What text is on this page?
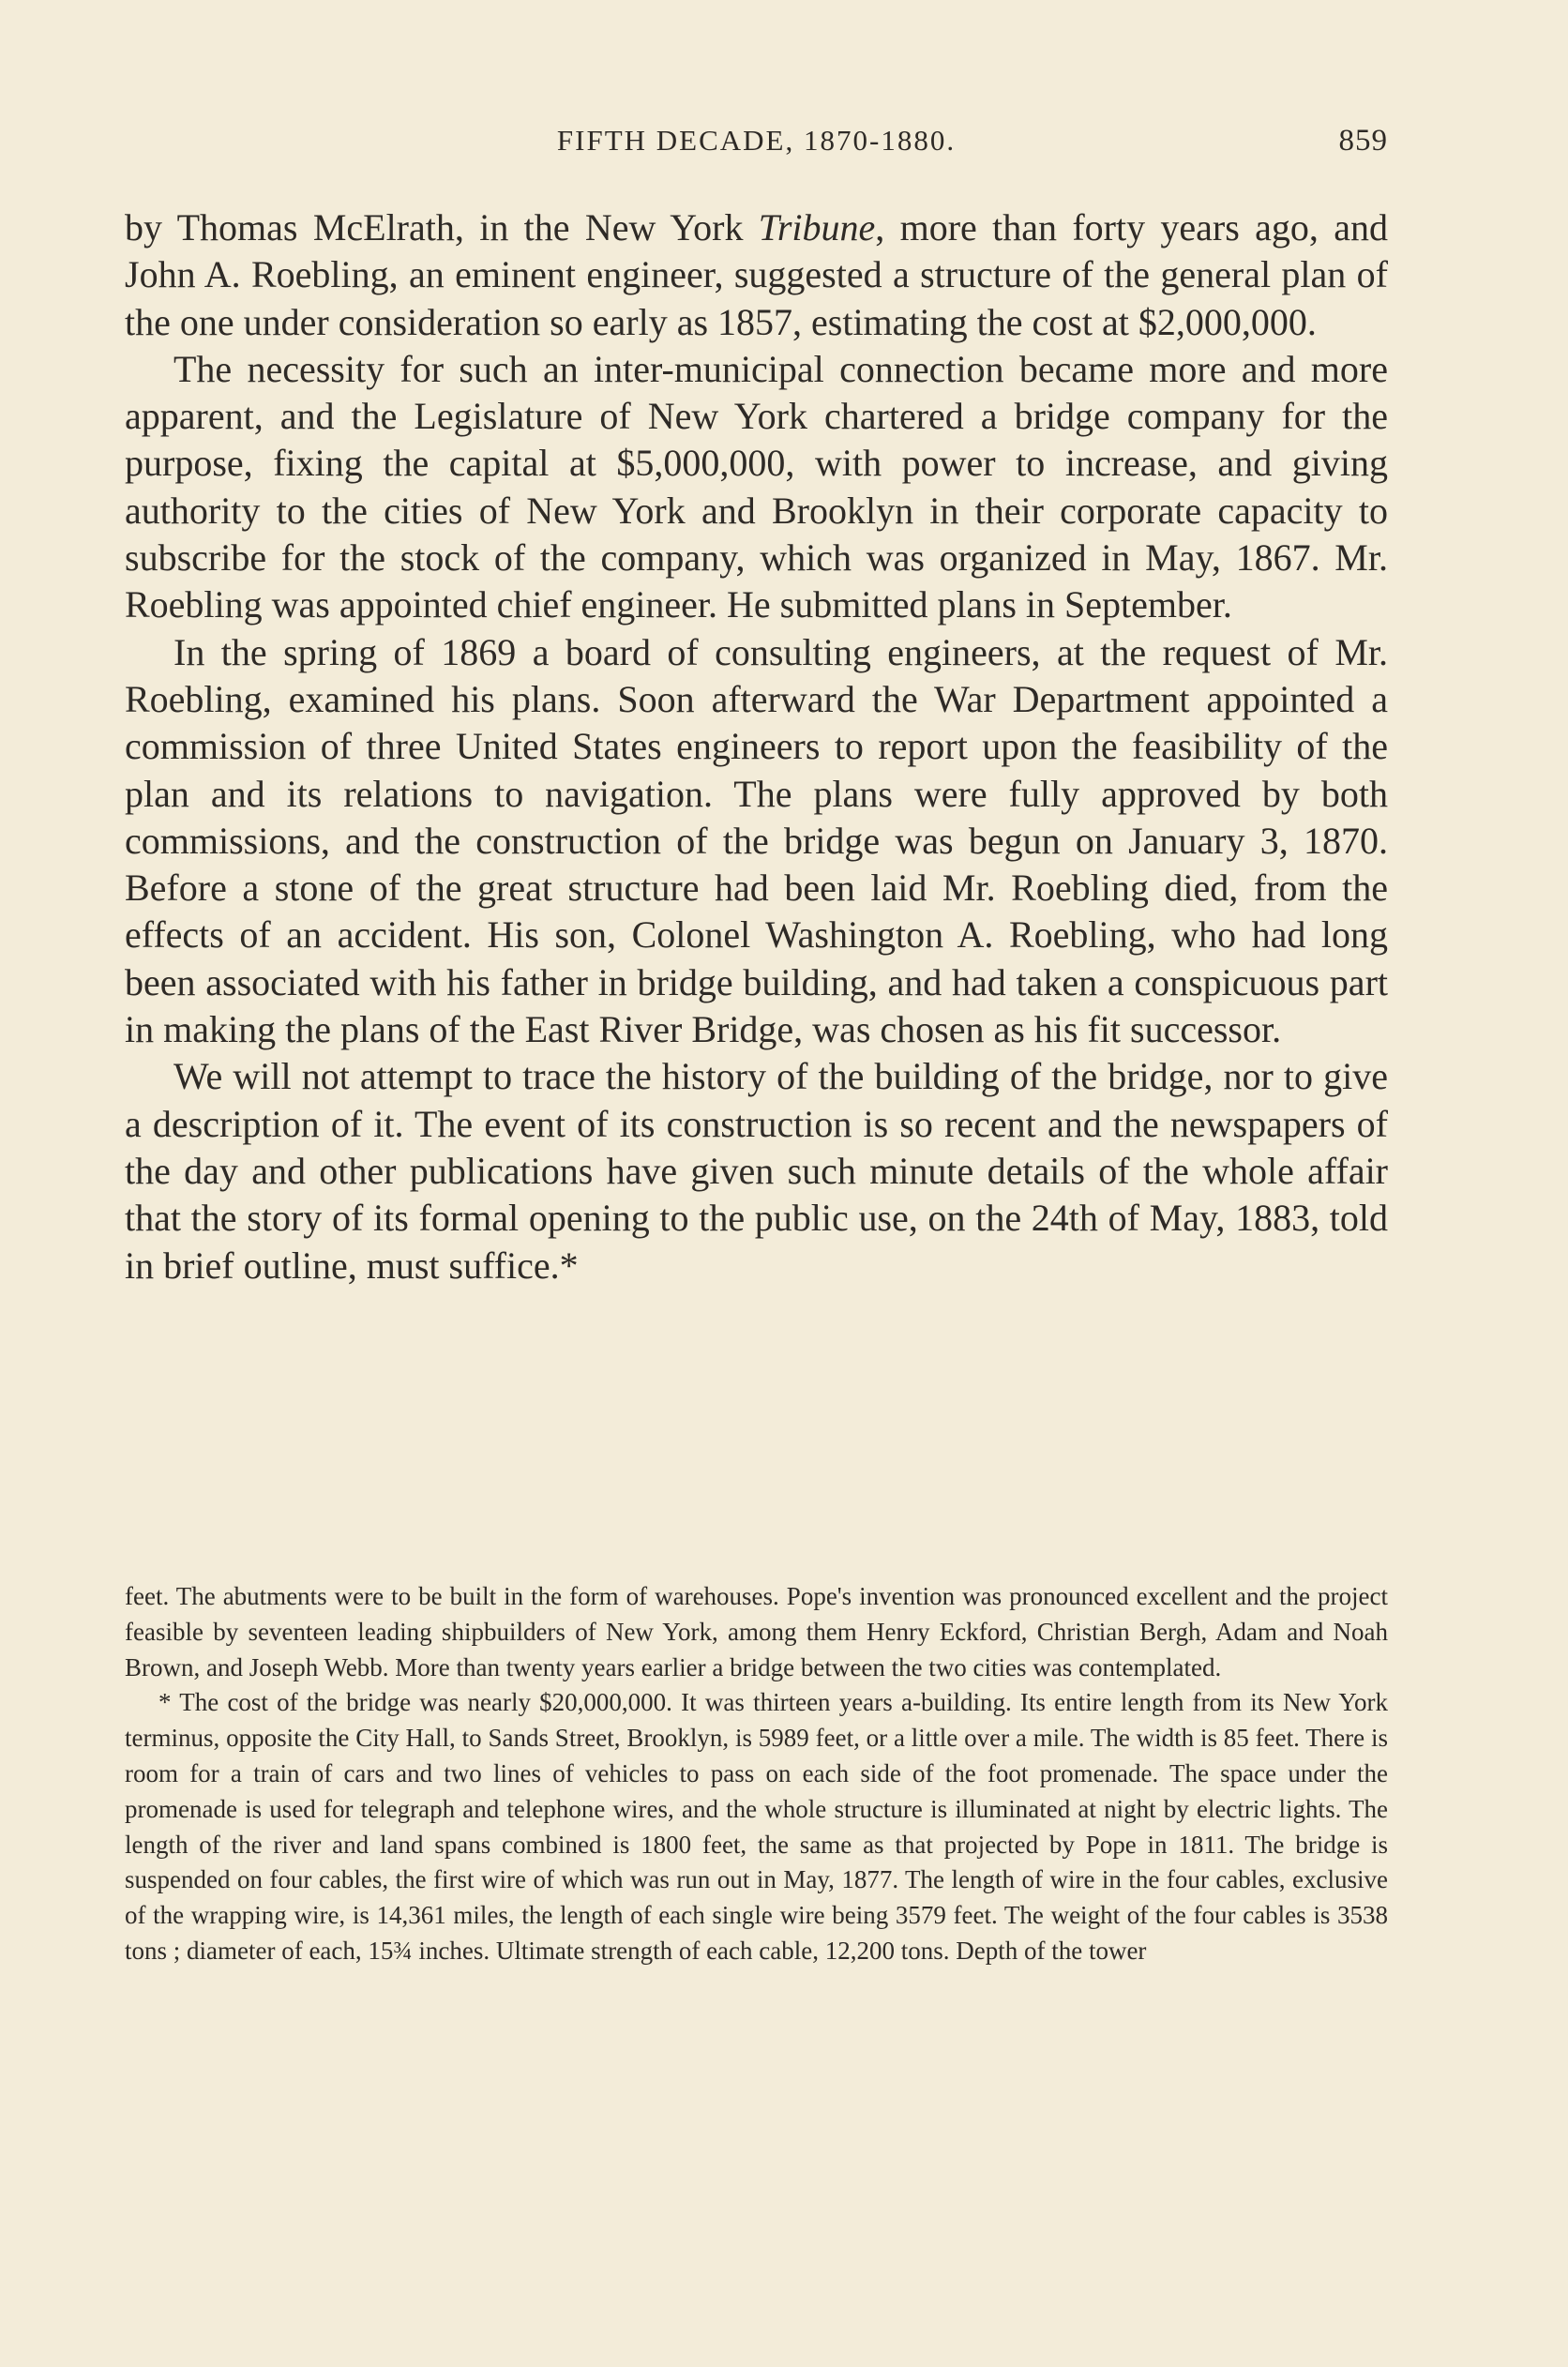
FIFTH DECADE, 1870-1880.	859

by Thomas McElrath, in the New York Tribune, more than forty years ago, and John A. Roebling, an eminent engineer, suggested a structure of the general plan of the one under consideration so early as 1857, estimating the cost at $2,000,000.

The necessity for such an inter-municipal connection became more and more apparent, and the Legislature of New York chartered a bridge company for the purpose, fixing the capital at $5,000,000, with power to increase, and giving authority to the cities of New York and Brooklyn in their corporate capacity to subscribe for the stock of the company, which was organized in May, 1867. Mr. Roebling was appointed chief engineer. He submitted plans in September.

In the spring of 1869 a board of consulting engineers, at the request of Mr. Roebling, examined his plans. Soon afterward the War Department appointed a commission of three United States engineers to report upon the feasibility of the plan and its relations to navigation. The plans were fully approved by both commissions, and the construction of the bridge was begun on January 3, 1870. Before a stone of the great structure had been laid Mr. Roebling died, from the effects of an accident. His son, Colonel Washington A. Roebling, who had long been associated with his father in bridge building, and had taken a conspicuous part in making the plans of the East River Bridge, was chosen as his fit successor.

We will not attempt to trace the history of the building of the bridge, nor to give a description of it. The event of its construction is so recent and the newspapers of the day and other publications have given such minute details of the whole affair that the story of its formal opening to the public use, on the 24th of May, 1883, told in brief outline, must suffice.*

feet. The abutments were to be built in the form of warehouses. Pope's invention was pronounced excellent and the project feasible by seventeen leading shipbuilders of New York, among them Henry Eckford, Christian Bergh, Adam and Noah Brown, and Joseph Webb. More than twenty years earlier a bridge between the two cities was contemplated.

* The cost of the bridge was nearly $20,000,000. It was thirteen years a-building. Its entire length from its New York terminus, opposite the City Hall, to Sands Street, Brooklyn, is 5989 feet, or a little over a mile. The width is 85 feet. There is room for a train of cars and two lines of vehicles to pass on each side of the foot promenade. The space under the promenade is used for telegraph and telephone wires, and the whole structure is illuminated at night by electric lights. The length of the river and land spans combined is 1800 feet, the same as that projected by Pope in 1811. The bridge is suspended on four cables, the first wire of which was run out in May, 1877. The length of wire in the four cables, exclusive of the wrapping wire, is 14,361 miles, the length of each single wire being 3579 feet. The weight of the four cables is 3538 tons ; diameter of each, 15¾ inches. Ultimate strength of each cable, 12,200 tons. Depth of the tower
